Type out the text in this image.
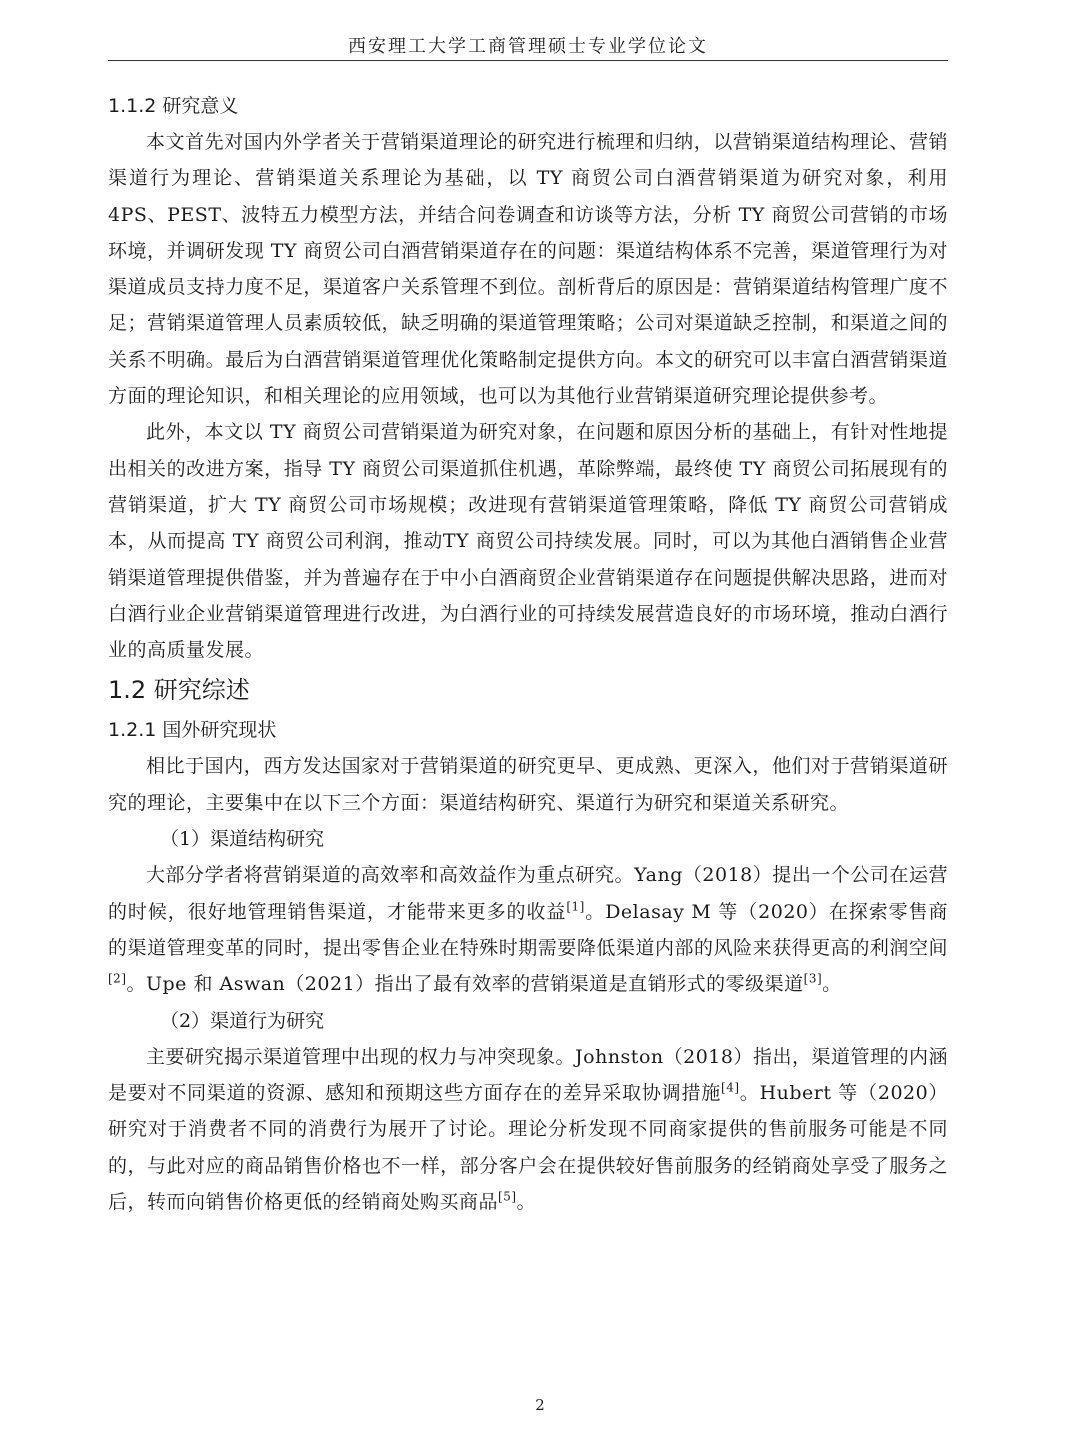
西安理工大学工商管理硕士专业学位论文
1.1.2 研究意义

本文首先对国内外学者关于营销渠道理论的研究进行梳理和归纳，以营销渠道结构理论、营销渠道行为理论、营销渠道关系理论为基础，以 TY 商贸公司白酒营销渠道为研究对象，利用 4PS、PEST、波特五力模型方法，并结合问卷调查和访谈等方法，分析 TY 商贸公司营销的市场环境，并调研发现 TY 商贸公司白酒营销渠道存在的问题：渠道结构体系不完善，渠道管理行为对渠道成员支持力度不足，渠道客户关系管理不到位。剖析背后的原因是：营销渠道结构管理广度不足；营销渠道管理人员素质较低，缺乏明确的渠道管理策略；公司对渠道缺乏控制，和渠道之间的关系不明确。最后为白酒营销渠道管理优化策略制定提供方向。本文的研究可以丰富白酒营销渠道方面的理论知识，和相关理论的应用领域，也可以为其他行业营销渠道研究理论提供参考。

此外，本文以 TY 商贸公司营销渠道为研究对象，在问题和原因分析的基础上，有针对性地提出相关的改进方案，指导 TY 商贸公司渠道抓住机遇，革除弊端，最终使 TY 商贸公司拓展现有的营销渠道，扩大 TY 商贸公司市场规模；改进现有营销渠道管理策略，降低 TY 商贸公司营销成本，从而提高 TY 商贸公司利润，推动TY 商贸公司持续发展。同时，可以为其他白酒销售企业营销渠道管理提供借鉴，并为普遍存在于中小白酒商贸企业营销渠道存在问题提供解决思路，进而对白酒行业企业营销渠道管理进行改进，为白酒行业的可持续发展营造良好的市场环境，推动白酒行业的高质量发展。

1.2 研究综述
1.2.1 国外研究现状

相比于国内，西方发达国家对于营销渠道的研究更早、更成熟、更深入，他们对于营销渠道研究的理论，主要集中在以下三个方面：渠道结构研究、渠道行为研究和渠道关系研究。

（1）渠道结构研究

大部分学者将营销渠道的高效率和高效益作为重点研究。Yang（2018）提出一个公司在运营的时候，很好地管理销售渠道，才能带来更多的收益[1]。Delasay M 等（2020）在探索零售商的渠道管理变革的同时，提出零售企业在特殊时期需要降低渠道内部的风险来获得更高的利润空间[2]。Upe 和 Aswan（2021）指出了最有效率的营销渠道是直销形式的零级渠道[3]。

（2）渠道行为研究

主要研究揭示渠道管理中出现的权力与冲突现象。Johnston（2018）指出，渠道管理的内涵是要对不同渠道的资源、感知和预期这些方面存在的差异采取协调措施[4]。Hubert 等（2020）研究对于消费者不同的消费行为展开了讨论。理论分析发现不同商家提供的售前服务可能是不同的，与此对应的商品销售价格也不一样，部分客户会在提供较好售前服务的经销商处享受了服务之后，转而向销售价格更低的经销商处购买商品[5]。

2
